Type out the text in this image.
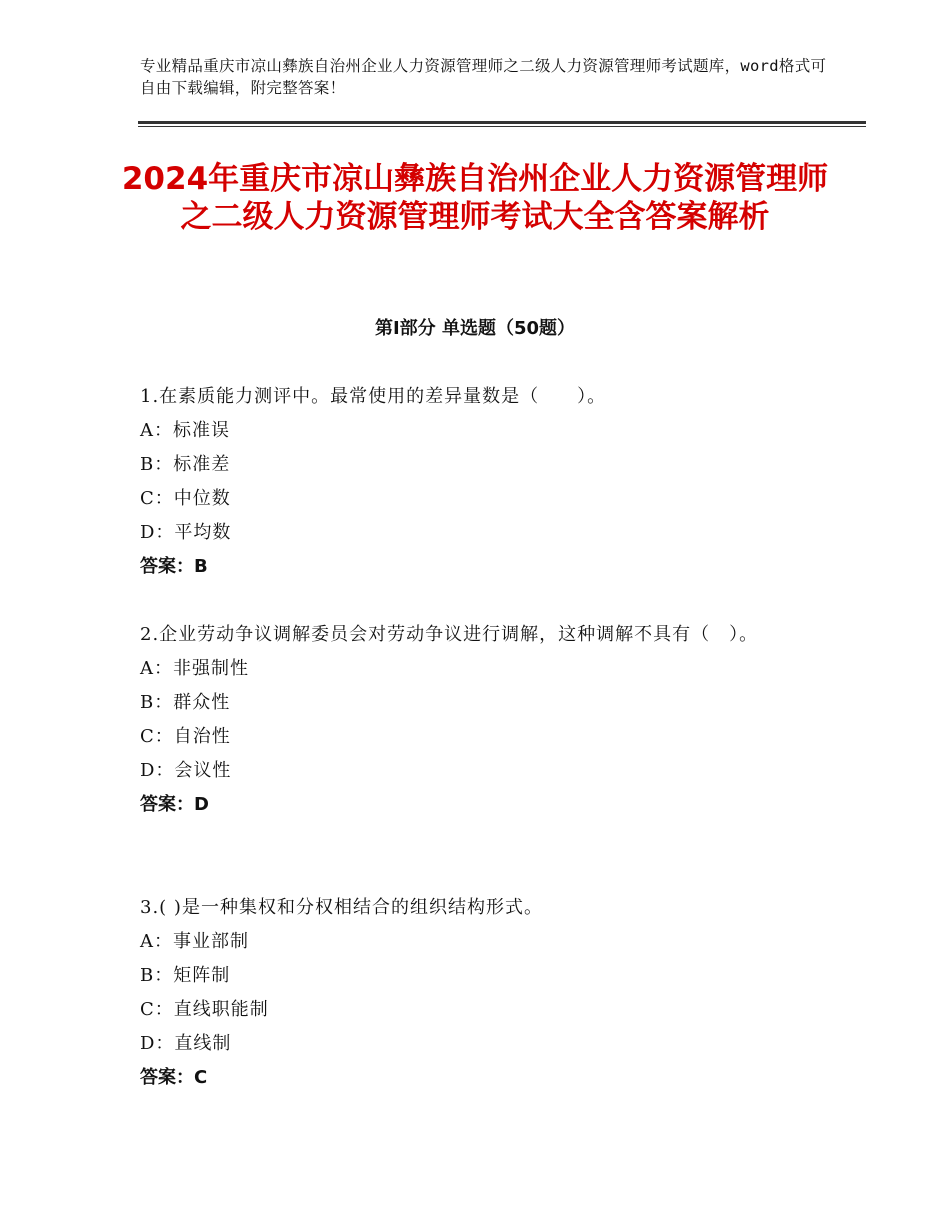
专业精品重庆市凉山彝族自治州企业人力资源管理师之二级人力资源管理师考试题库，word格式可自由下载编辑，附完整答案！
2024年重庆市凉山彝族自治州企业人力资源管理师之二级人力资源管理师考试大全含答案解析
第Ⅰ部分 单选题（50题）
1.在素质能力测评中。最常使用的差异量数是（　　）。
A：标准误
B：标准差
C：中位数
D：平均数
答案：B
2.企业劳动争议调解委员会对劳动争议进行调解，这种调解不具有（　）。
A：非强制性
B：群众性
C：自治性
D：会议性
答案：D
3.( )是一种集权和分权相结合的组织结构形式。
A：事业部制
B：矩阵制
C：直线职能制
D：直线制
答案：C
